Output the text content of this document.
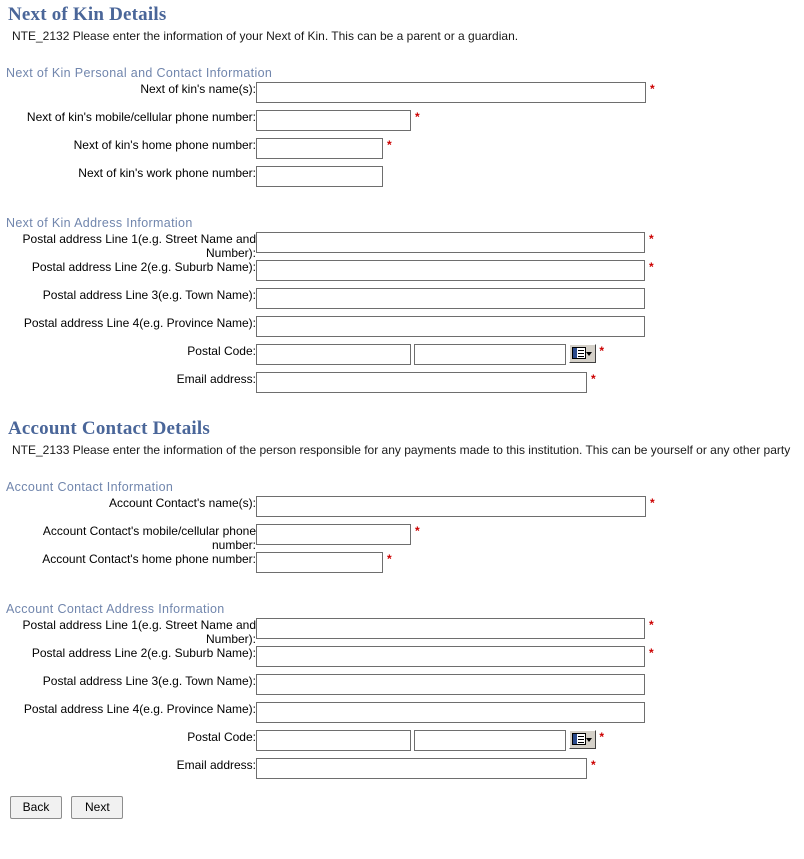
Next of Kin Details
NTE_2132 Please enter the information of your Next of Kin. This can be a parent or a guardian.
Next of Kin Personal and Contact Information
Next of kin's name(s):	*
Next of kin's mobile/cellular phone number:	*
Next of kin's home phone number:	*
Next of kin's work phone number:	
Next of Kin Address Information
Postal address Line 1(e.g. Street Name and Number):	*
Postal address Line 2(e.g. Suburb Name):	*
Postal address Line 3(e.g. Town Name):	
Postal address Line 4(e.g. Province Name):	
Postal Code:	*
Email address:	*
Account Contact Details
NTE_2133 Please enter the information of the person responsible for any payments made to this institution. This can be yourself or any other party
Account Contact Information
Account Contact's name(s):	*
Account Contact's mobile/cellular phone number:	*
Account Contact's home phone number:	*
Account Contact Address Information
Postal address Line 1(e.g. Street Name and Number):	*
Postal address Line 2(e.g. Suburb Name):	*
Postal address Line 3(e.g. Town Name):	
Postal address Line 4(e.g. Province Name):	
Postal Code:	*
Email address:	*
Back	Next
